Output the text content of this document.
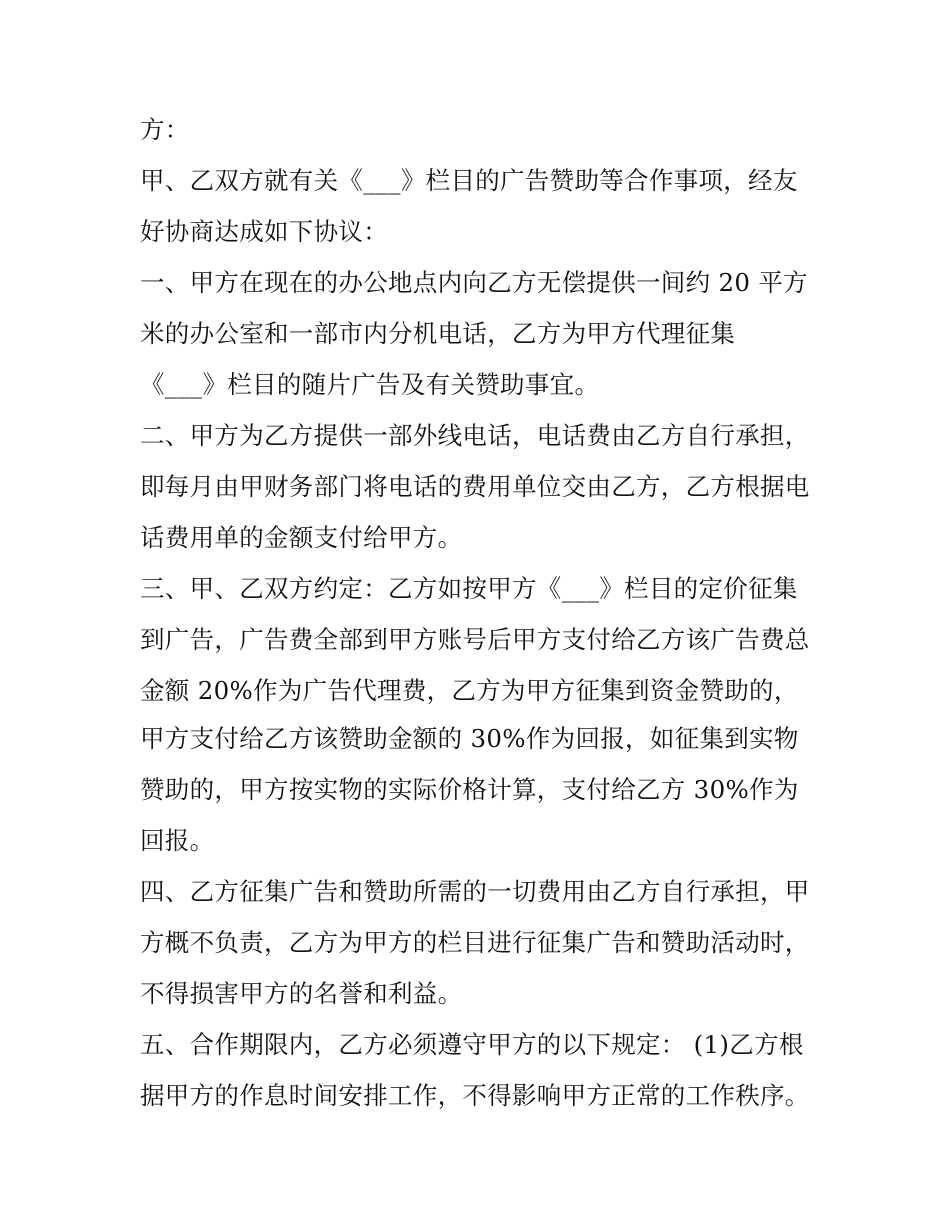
方：
甲、乙双方就有关《___》栏目的广告赞助等合作事项，经友
好协商达成如下协议：
一、甲方在现在的办公地点内向乙方无偿提供一间约 20 平方
米的办公室和一部市内分机电话，乙方为甲方代理征集
《___》栏目的随片广告及有关赞助事宜。
二、甲方为乙方提供一部外线电话，电话费由乙方自行承担，
即每月由甲财务部门将电话的费用单位交由乙方，乙方根据电
话费用单的金额支付给甲方。
三、甲、乙双方约定：乙方如按甲方《___》栏目的定价征集
到广告，广告费全部到甲方账号后甲方支付给乙方该广告费总
金额 20%作为广告代理费，乙方为甲方征集到资金赞助的，
甲方支付给乙方该赞助金额的 30%作为回报，如征集到实物
赞助的，甲方按实物的实际价格计算，支付给乙方 30%作为
回报。
四、乙方征集广告和赞助所需的一切费用由乙方自行承担，甲
方概不负责，乙方为甲方的栏目进行征集广告和赞助活动时，
不得损害甲方的名誉和利益。
五、合作期限内，乙方必须遵守甲方的以下规定： (1)乙方根
据甲方的作息时间安排工作，不得影响甲方正常的工作秩序。
